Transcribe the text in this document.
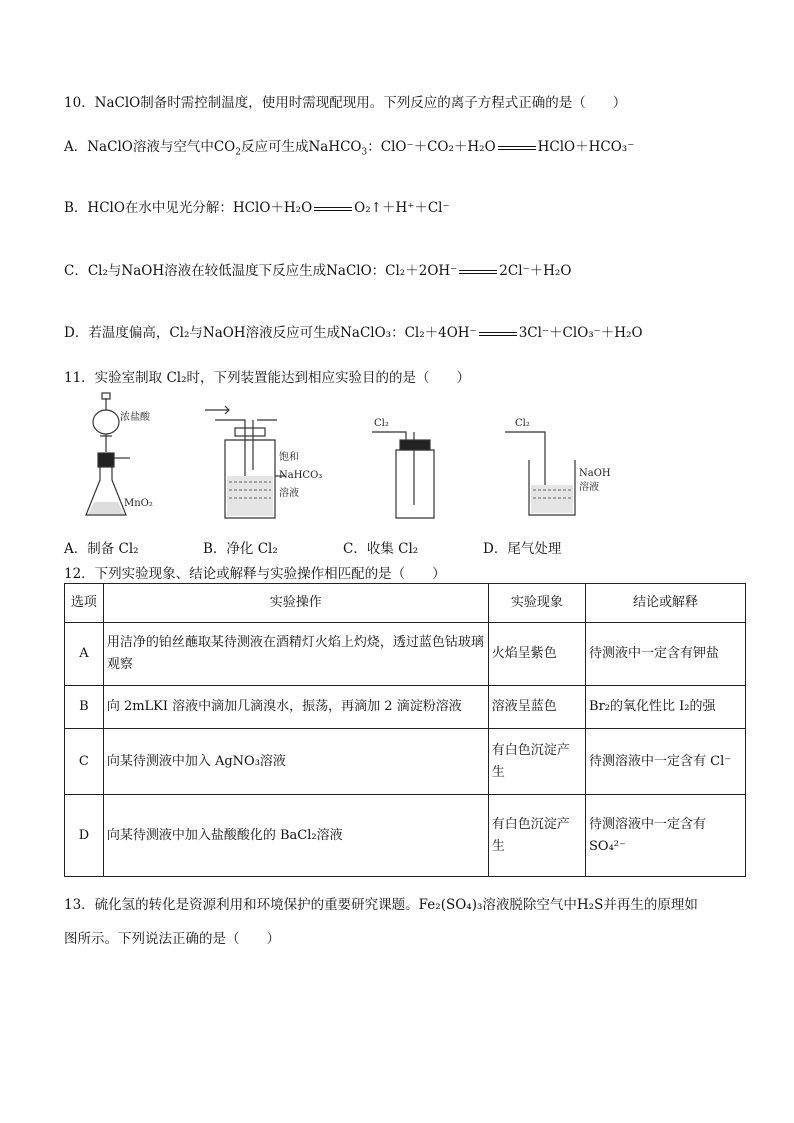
10．NaClO制备时需控制温度，使用时需现配现用。下列反应的离子方程式正确的是（　　）
A．NaClO溶液与空气中$CO_2$反应可生成NaHCO$_3$：ClO⁻＋CO₂＋H₂O	HClO＋HCO₃⁻
B．HClO在水中见光分解：HClO＋H₂O	O₂↑＋H⁺＋Cl⁻
C．Cl₂与NaOH溶液在较低温度下反应生成NaClO：Cl₂＋2OH⁻	2Cl⁻＋H₂O
D．若温度偏高，Cl₂与NaOH溶液反应可生成NaClO₃：Cl₂＋4OH⁻	3Cl⁻＋ClO₃⁻＋H₂O
11．实验室制取 Cl₂时，下列装置能达到相应实验目的的是（　　）
浓盐酸
MnO₂
饱和
NaHCO₃
溶液
Cl₂	Cl₂
NaOH
溶液
A．制备 Cl₂	B．净化 Cl₂	C．收集 Cl₂	D．尾气处理
12．下列实验现象、结论或解释与实验操作相匹配的是（　　）
选项	实验操作	实验现象	结论或解释
A	用洁净的铂丝蘸取某待测液在酒精灯火焰上灼烧，透过蓝色钴玻璃观察	火焰呈紫色	待测液中一定含有钾盐
B	向 2mLKI 溶液中滴加几滴溴水，振荡，再滴加 2 滴淀粉溶液	溶液呈蓝色	Br₂的氧化性比 I₂的强
C	向某待测液中加入 AgNO₃溶液	有白色沉淀产生	待测溶液中一定含有 Cl⁻
D	向某待测液中加入盐酸酸化的 BaCl₂溶液	有白色沉淀产生	待测溶液中一定含有 SO₄²⁻
13．硫化氢的转化是资源利用和环境保护的重要研究课题。Fe₂(SO₄)₃溶液脱除空气中H₂S并再生的原理如
图所示。下列说法正确的是（　　）
